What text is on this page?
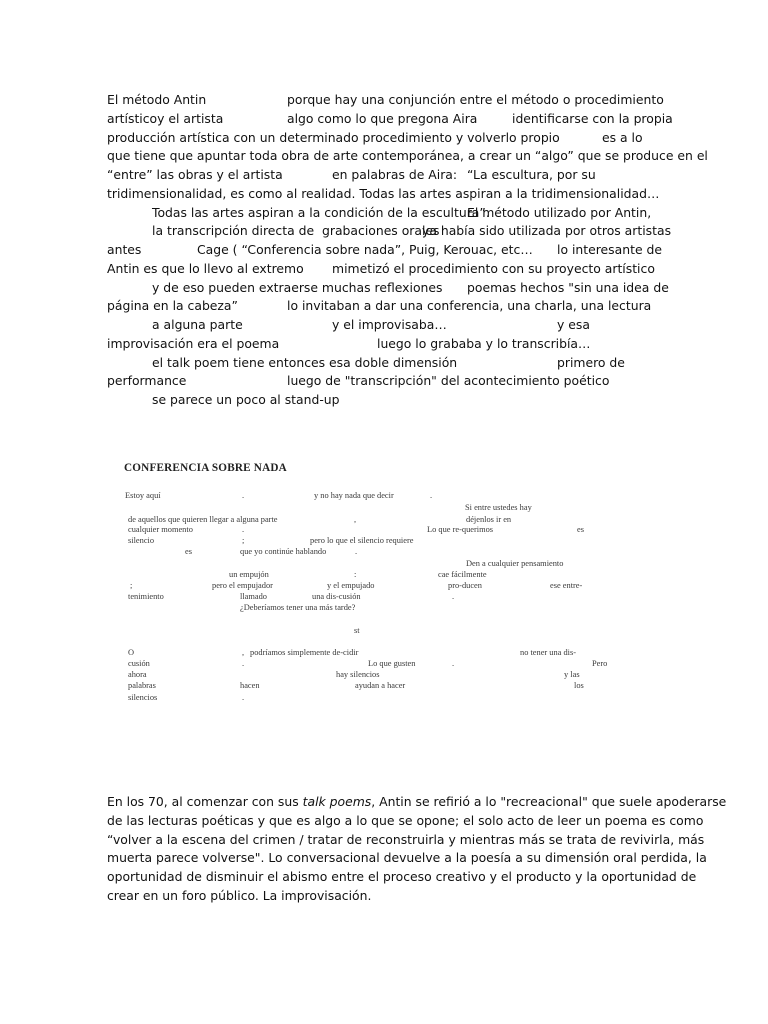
El método Antin

	porque hay una conjunción entre el método o procedimiento

artísticoy el artista

	algo como lo que pregona Aira

	identificarse con la propia

producción artística con un determinado procedimiento y volverlo propio

	es a lo

que tiene que apuntar toda obra de arte contemporánea, a crear un “algo” que se produce en el

“entre” las obras y el artista

	en palabras de Aira:

“La escultura, por su

tridimensionalidad, es como al realidad. Todas las artes aspiran a la tridimensionalidad…

Todas las artes aspiran a la condición de la escultura”.

El método utilizado por Antin,

la transcripción directa de  grabaciones orales

ya había sido utilizada por otros artistas

antes

	Cage ( “Conferencia sobre nada”, Puig, Kerouac, etc…

lo interesante de

Antin es que lo llevo al extremo

mimetizó el procedimiento con su proyecto artístico

y de eso pueden extraerse muchas reflexiones

poemas hechos "sin una idea de

página en la cabeza”

	lo invitaban a dar una conferencia, una charla, una lectura

a alguna parte

	y el improvisaba…

	y esa

improvisación era el poema

	luego lo grababa y lo transcribía…

el talk poem tiene entonces esa doble dimensión

	primero de

performance

	luego de "transcripción" del acontecimiento poético

se parece un poco al stand-up

CONFERENCIA SOBRE NADA
Estoy aquí	.	y no hay nada que decir	.
Si entre ustedes hay
de aquellos que quieren llegar a alguna parte	,	déjenlos ir en
cualquier momento	.	Lo que re-querimos	es
silencio	;	pero lo que el silencio requiere
es	que yo continúe hablando	.
Den a cualquier pensamiento
un empujón	:	cae fácilmente
;	pero el empujador	y el empujado	pro-ducen	ese entre-
tenimiento	llamado	una dis-cusión	.
¿Deberíamos tener una más tarde?
st
O	, podríamos simplemente de-cidir	no tener una dis-
cusión	.	Lo que gusten	.	Pero
ahora	hay silencios	y las
palabras	hacen	ayudan a hacer	los
silencios	.
En los 70, al comenzar con sus talk poems, Antin se refirió a lo "recreacional" que suele apoderarse
de las lecturas poéticas y que es algo a lo que se opone; el solo acto de leer un poema es como
“volver a la escena del crimen / tratar de reconstruirla y mientras más se trata de revivirla, más
muerta parece volverse". Lo conversacional devuelve a la poesía a su dimensión oral perdida, la
oportunidad de disminuir el abismo entre el proceso creativo y el producto y la oportunidad de
crear en un foro público. La improvisación.
